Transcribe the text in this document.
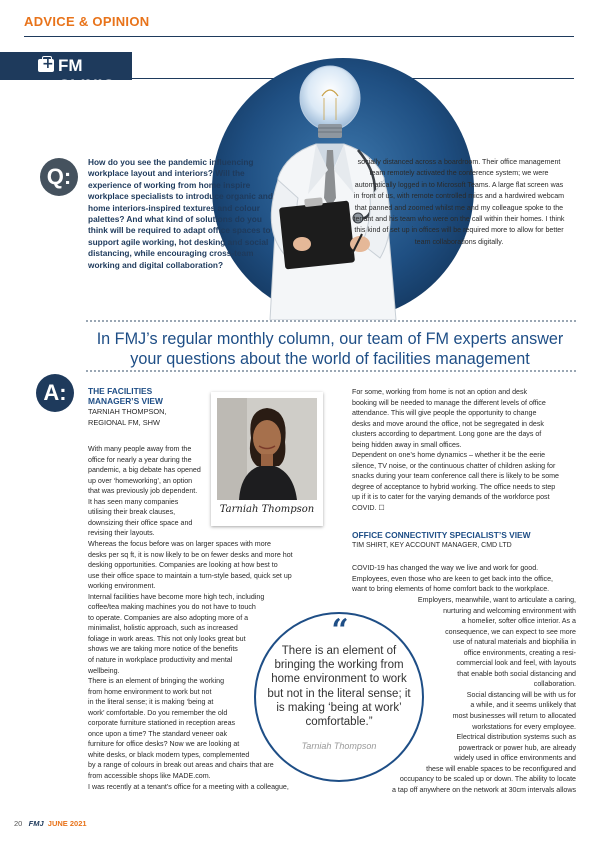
ADVICE & OPINION
+
FM CLINIC
Q:
How do you see the pandemic influencing workplace layout and interiors? Will the experience of working from home inspire workplace specialists to introduce organic and home interiors-inspired textures and colour palettes? And what kind of solutions do you think will be required to adapt office spaces to support agile working, hot desking and social distancing, while encouraging cross-team working and digital collaboration?
socially distanced across a boardroom. Their office management team remotely activated the conference system; we were automatically logged in to Microsoft Teams. A large flat screen was in front of us, with remote controlled mics and a hardwired webcam that panned and zoomed whilst me and my colleague spoke to the tenant and his team who were on the call within their homes. I think this kind of set up in offices will be required more to allow for better team collaborations digitally.
In FMJ’s regular monthly column, our team of FM experts answer your questions about the world of facilities management
A:	THE FACILITIES
MANAGER’S VIEW
TARNIAH THOMPSON,
REGIONAL FM, SHW
With many people away from the
office for nearly a year during the
pandemic, a big debate has opened
up over ‘homeworking’, an option
that was previously job dependent.
It has seen many companies
utilising their break clauses,
downsizing their office space and
revising their layouts.
Whereas the focus before was on larger spaces with more
desks per sq ft, it is now likely to be on fewer desks and more hot
desking opportunities. Companies are looking at how best to
use their office space to maintain a turn-style based, quick set up
working environment.
Internal facilities have become more high tech, including
coffee/tea making machines you do not have to touch
to operate. Companies are also adopting more of a
minimalist, holistic approach, such as increased
foliage in work areas. This not only looks great but
shows we are taking more notice of the benefits
of nature in workplace productivity and mental
wellbeing.
There is an element of bringing the working
from home environment to work but not
in the literal sense; it is making ‘being at
work’ comfortable. Do you remember the old
corporate furniture stationed in reception areas
once upon a time? The standard veneer oak
furniture for office desks? Now we are looking at
white desks, or black modern types, complemented
by a range of colours in break out areas and chairs that are
from accessible shops like MADE.com.
I was recently at a tenant’s office for a meeting with a colleague,
Tarniah Thompson
For some, working from home is not an option and desk
booking will be needed to manage the different levels of office
attendance. This will give people the opportunity to change
desks and move around the office, not be segregated in desk
clusters according to department. Long gone are the days of
being hidden away in small offices.
Dependent on one’s home dynamics – whether it be the eerie
silence, TV noise, or the continuous chatter of children asking for
snacks during your team conference call there is likely to be some
degree of acceptance to hybrid working. The office needs to step
up if it is to cater for the varying demands of the workforce post
COVID. ☐
OFFICE CONNECTIVITY SPECIALIST’S VIEW
TIM SHIRT, KEY ACCOUNT MANAGER, CMD LTD
COVID-19 has changed the way we live and work for good.
Employees, even those who are keen to get back into the office,
want to bring elements of home comfort back to the workplace.
Employers, meanwhile, want to articulate a caring,
nurturing and welcoming environment with
a homelier, softer office interior. As a
consequence, we can expect to see more
use of natural materials and biophilia in
office environments, creating a resi-
commercial look and feel, with layouts
that enable both social distancing and
collaboration.
Social distancing will be with us for
a while, and it seems unlikely that
most businesses will return to allocated
workstations for every employee.
Electrical distribution systems such as
powertrack or power hub, are already
widely used in office environments and
these will enable spaces to be reconfigured and
occupancy to be scaled up or down. The ability to locate
a tap off anywhere on the network at 30cm intervals allows
“
There is an element of bringing the working from home environment to work but not in the literal sense; it is making ‘being at work’ comfortable.”
Tarniah Thompson
20 FMJ JUNE 2021
